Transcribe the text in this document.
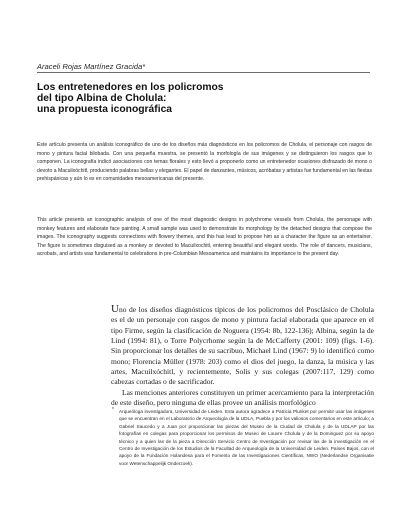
Araceli Rojas Martínez Gracida*
Los entretenedores en los policromos
del tipo Albina de Cholula:
una propuesta iconográfica
Este artículo presenta un análisis iconográfico de uno de los diseños más diagnósticos en los policromos de Cholula, el personaje con rasgos de mono y pintura facial bilobada. Con una pequeña muestra, se presentó la morfología de sus imágenes y se distinguieron los rasgos que lo componen. La iconografía indicó asociaciones con temas florales y esto llevó a proponerlo como un entretenedor ocasiones disfrazado de mono o devoto a Macuilxóchitl, produciendo palabras bellas y elegantes. El papel de danzantes, músicos, acróbatas y artistas fue fundamental en las fiestas prehispánicas y aún lo es en comunidades mesoamericanas del presente.
This article presents an iconographic analysis of one of the most diagnostic designs in polychrome vessels from Cholula, the personage with monkey features and elaborate face painting. A small sample was used to demonstrate its morphology by the detached designs that compose the images. The iconography suggests connections with flowery themes, and this has lead to propose him as a character the figure as an entertainer. The figure is sometimes disguised as a monkey or devoted to Macuilxochitl, entering beautiful and elegant words. The role of dancers, musicians, acrobats, and artists was fundamental to celebrations in pre-Columbian Mesoamerica and maintains its importance to the present day.

Uno de los diseños diagnósticos típicos de los policromos del Posclásico de Cholula es el de un personaje con rasgos de mono y pintura facial elaborada que aparece en el tipo Firme, según la clasificación de Noguera (1954: 8b, 122-136); Albina, según la de Lind (1994: 81), o Torre Polycrhome según la de McCafferty (2001: 109) (figs. 1-6). Sin proporcionar los detalles de su sacribuo, Michael Lind (1967: 9) lo identificó como mono; Florencia Müller (1978: 203) como el dios del juego, la danza, la música y las artes, Macuilxóchitl, y recientemente, Solís y sus colegas (2007:117, 129) como cabezas cortadas o de sacrificador.

Las menciones anteriores constituyen un primer acercamiento para la interpretación de este diseño, pero ninguna de ellas provee un análisis morfológico

* Arqueóloga investigadora, Universidad de Leiden. Esta autora agradece a Patricia Plunket por permitir usar las imágenes que se encuentran en el Laboratorio de Arqueología de la UDLA, Puebla y por los valiosos comentarios en este artículo; a Gabriel Saucedo y a Juan por proporcionar las piezas del Museo de la Ciudad de Cholula y de la UDLAP por las fotografías en colegas para proporcionar los permisos de Museo de Louvre Cholula y de la Dominguez por su apoyo técnico y a quien las de la pieza a Dirección Servicio Centro de Investigación por revisar las de la investigación en el Centro de Investigación de los Estudios de la Facultad de Arqueología de la Universidad de Leiden. Países Bajos, con el apoyo de la Fundación Holandesa para el Fomento de las Investigaciones Científicas, NWO (Nederlandse Organisatie voor Wetenschappelijk Onderzoek).
